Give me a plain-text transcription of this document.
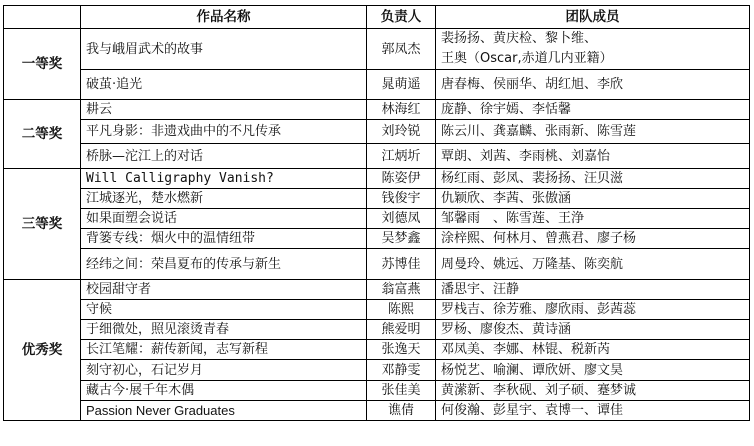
	作品名称	负责人	团队成员
一等奖	我与峨眉武术的故事	郭凤杰	裴扬扬、黄庆检、黎卜维、
王奥（Oscar,赤道几内亚籍）

	破茧·追光	晁萌遥	唐春梅、侯丽华、胡红旭、李欣

二等奖	耕云	林海红	庞静、徐宇嫣、李恬馨

	平凡身影：非遗戏曲中的不凡传承	刘玲锐	陈云川、龚嘉麟、张雨新、陈雪莲

	桥脉—沱江上的对话	江炳圻	覃朗、刘茜、李雨桃、刘嘉怡

三等奖	Will Calligraphy Vanish?	陈姿伊	杨红雨、彭凤、裴扬扬、汪贝滋

	江城逐光，楚水燃新	钱俊宇	仇颖欣、李茜、张傲涵

	如果面塑会说话	刘德凤	邹馨雨　、陈雪莲、王浄

	背篓专线：烟火中的温情纽带	吴梦鑫	涂梓熙、何林月、曾燕君、廖子杨

	经纬之间：荣昌夏布的传承与新生	苏博佳	周曼玲、姚远、万隆基、陈奕航

优秀奖	校园甜守者	翁富燕	潘思宇、汪静

	守候	陈熙	罗栈吉、徐芳雅、廖欣雨、彭茜蕊

	于细微处，照见滚烫青春	熊爱明	罗杨、廖俊杰、黄诗涵

	长江笔耀：薪传新闻，志写新程	张逸天	邓凤美、李娜、林锟、税新芮

	刻守初心，石记岁月	邓静雯	杨悦艺、喻澜、谭欣妍、廖文昊

	藏古今·展千年木偶	张佳美	黄潆新、李秋砚、刘子硕、蹇梦诚

	Passion Never Graduates	谯倩	何俊瀚、彭星宇、袁博一、谭佳
